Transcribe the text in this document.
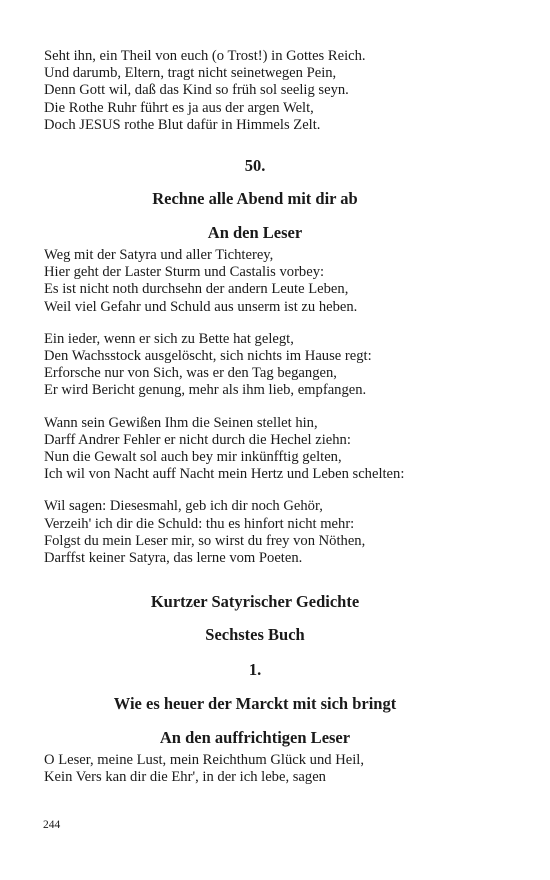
Seht ihn, ein Theil von euch (o Trost!) in Gottes Reich.
Und darumb, Eltern, tragt nicht seinetwegen Pein,
Denn Gott wil, daß das Kind so früh sol seelig seyn.
Die Rothe Ruhr führt es ja aus der argen Welt,
Doch JESUS rothe Blut dafür in Himmels Zelt.
50.
Rechne alle Abend mit dir ab
An den Leser
Weg mit der Satyra und aller Tichterey,
Hier geht der Laster Sturm und Castalis vorbey:
Es ist nicht noth durchsehn der andern Leute Leben,
Weil viel Gefahr und Schuld aus unserm ist zu heben.
Ein ieder, wenn er sich zu Bette hat gelegt,
Den Wachsstock ausgelöscht, sich nichts im Hause regt:
Erforsche nur von Sich, was er den Tag begangen,
Er wird Bericht genung, mehr als ihm lieb, empfangen.
Wann sein Gewißen Ihm die Seinen stellet hin,
Darff Andrer Fehler er nicht durch die Hechel ziehn:
Nun die Gewalt sol auch bey mir inkünfftig gelten,
Ich wil von Nacht auff Nacht mein Hertz und Leben schelten:
Wil sagen: Diesesmahl, geb ich dir noch Gehör,
Verzeih' ich dir die Schuld: thu es hinfort nicht mehr:
Folgst du mein Leser mir, so wirst du frey von Nöthen,
Darffst keiner Satyra, das lerne vom Poeten.
Kurtzer Satyrischer Gedichte
Sechstes Buch
1.
Wie es heuer der Marckt mit sich bringt
An den auffrichtigen Leser
O Leser, meine Lust, mein Reichthum Glück und Heil,
Kein Vers kan dir die Ehr', in der ich lebe, sagen
244
